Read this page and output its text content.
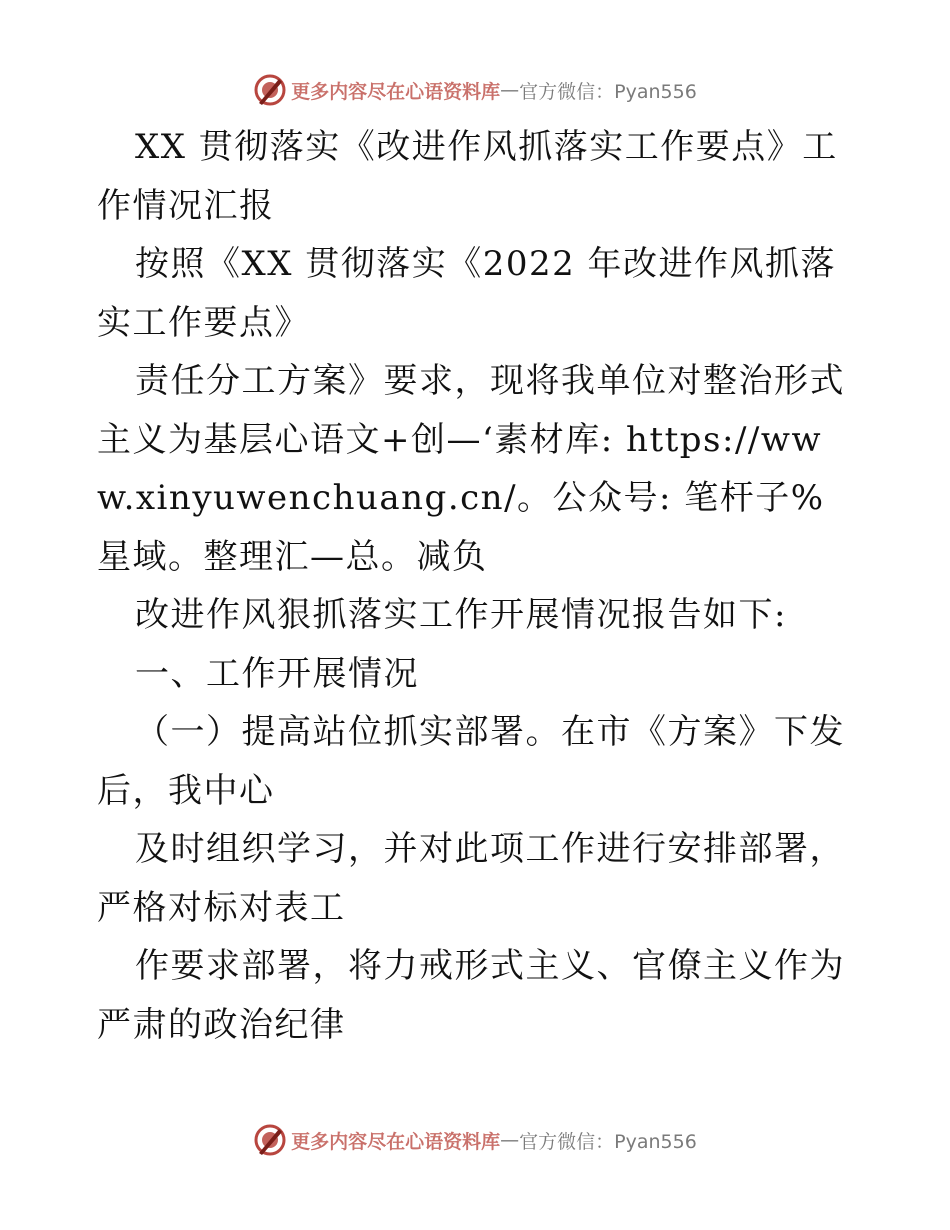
更多内容尽在心语资料库 — 官方微信：Pyan556

XX 贯彻落实《改进作风抓落实工作要点》工作情况汇报

按照《XX 贯彻落实《2022 年改进作风抓落实工作要点》

责任分工方案》要求，现将我单位对整治形式主义为基层心语文+创—‘素材库: https://www.xinyuwenchuang.cn/。公众号: 笔杆子%星域。整理汇—总。减负

改进作风狠抓落实工作开展情况报告如下:

一、工作开展情况

（一）提高站位抓实部署。在市《方案》下发后，我中心

及时组织学习，并对此项工作进行安排部署，严格对标对表工

作要求部署，将力戒形式主义、官僚主义作为严肃的政治纪律

更多内容尽在心语资料库 — 官方微信：Pyan556
